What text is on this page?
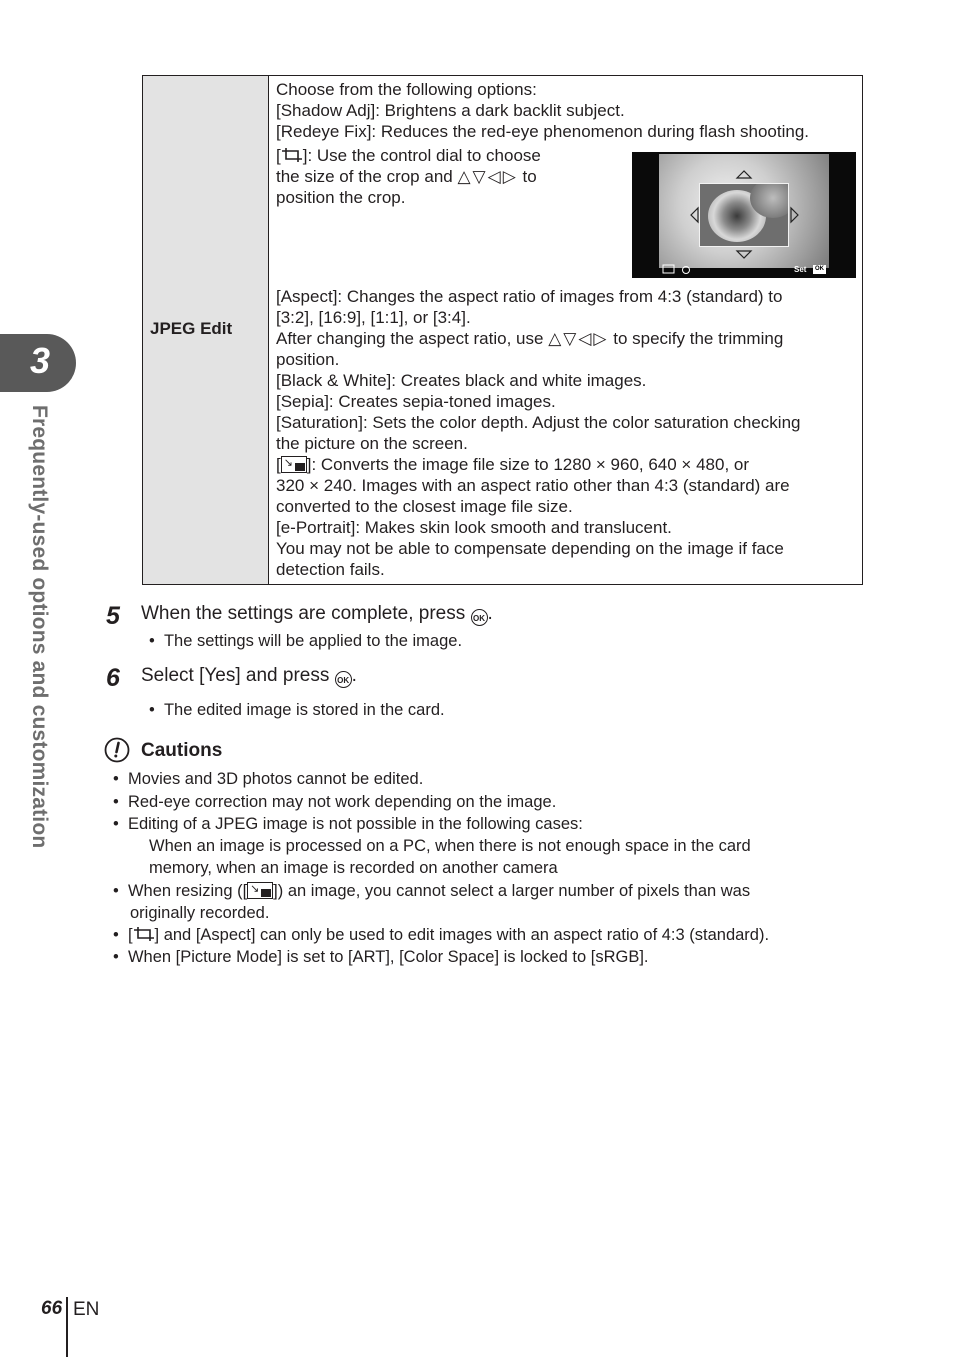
3
Frequently-used options and customization
JPEG Edit
Choose from the following options:
[Shadow Adj]: Brightens a dark backlit subject.
[Redeye Fix]: Reduces the red-eye phenomenon during flash shooting.
[ ]: Use the control dial to choose
the size of the crop and △▽◁▷ to
position the crop.
Set	OK
[Aspect]: Changes the aspect ratio of images from 4:3 (standard) to
[3:2], [16:9], [1:1], or [3:4].
After changing the aspect ratio, use △▽◁▷ to specify the trimming
position.
[Black & White]: Creates black and white images.
[Sepia]: Creates sepia-toned images.
[Saturation]: Sets the color depth. Adjust the color saturation checking
the picture on the screen.
[ ↘ ]: Converts the image file size to 1280 × 960, 640 × 480, or
320 × 240. Images with an aspect ratio other than 4:3 (standard) are
converted to the closest image file size.
[e-Portrait]: Makes skin look smooth and translucent.
You may not be able to compensate depending on the image if face
detection fails.
5 When the settings are complete, press OK .
•  The settings will be applied to the image.
6 Select [Yes] and press OK .
•  The edited image is stored in the card.
Cautions
•  Movies and 3D photos cannot be edited.
•  Red-eye correction may not work depending on the image.
•  Editing of a JPEG image is not possible in the following cases:
When an image is processed on a PC, when there is not enough space in the card
memory, when an image is recorded on another camera
•  When resizing ([ ↘ ]) an image, you cannot select a larger number of pixels than was
originally recorded.
•  [ ] and [Aspect] can only be used to edit images with an aspect ratio of 4:3 (standard).
•  When [Picture Mode] is set to [ART], [Color Space] is locked to [sRGB].
66 EN
